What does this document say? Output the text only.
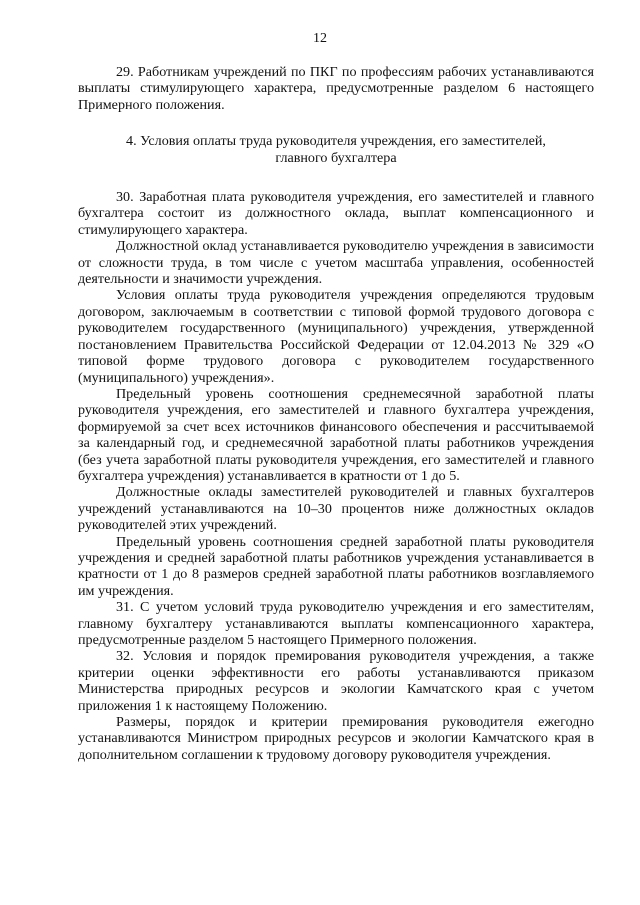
12

29. Работникам учреждений по ПКГ по профессиям рабочих устанавливаются выплаты стимулирующего характера, предусмотренные разделом 6 настоящего Примерного положения.

4. Условия оплаты труда руководителя учреждения, его заместителей,
главного бухгалтера

30. Заработная плата руководителя учреждения, его заместителей и главного бухгалтера состоит из должностного оклада, выплат компенсационного и стимулирующего характера.

Должностной оклад устанавливается руководителю учреждения в зависимости от сложности труда, в том числе с учетом масштаба управления, особенностей деятельности и значимости учреждения.

Условия оплаты труда руководителя учреждения определяются трудовым договором, заключаемым в соответствии с типовой формой трудового договора с руководителем государственного (муниципального) учреждения, утвержденной постановлением Правительства Российской Федерации от 12.04.2013 № 329 «О типовой форме трудового договора с руководителем государственного (муниципального) учреждения».

Предельный уровень соотношения среднемесячной заработной платы руководителя учреждения, его заместителей и главного бухгалтера учреждения, формируемой за счет всех источников финансового обеспечения и рассчитываемой за календарный год, и среднемесячной заработной платы работников учреждения (без учета заработной платы руководителя учреждения, его заместителей и главного бухгалтера учреждения) устанавливается в кратности от 1 до 5.

Должностные оклады заместителей руководителей и главных бухгалтеров учреждений устанавливаются на 10–30 процентов ниже должностных окладов руководителей этих учреждений.

Предельный уровень соотношения средней заработной платы руководителя учреждения и средней заработной платы работников учреждения устанавливается в кратности от 1 до 8 размеров средней заработной платы работников возглавляемого им учреждения.

31. С учетом условий труда руководителю учреждения и его заместителям, главному бухгалтеру устанавливаются выплаты компенсационного характера, предусмотренные разделом 5 настоящего Примерного положения.

32. Условия и порядок премирования руководителя учреждения, а также критерии оценки эффективности его работы устанавливаются приказом Министерства природных ресурсов и экологии Камчатского края с учетом приложения 1 к настоящему Положению.

Размеры, порядок и критерии премирования руководителя ежегодно устанавливаются Министром природных ресурсов и экологии Камчатского края в дополнительном соглашении к трудовому договору руководителя учреждения.
